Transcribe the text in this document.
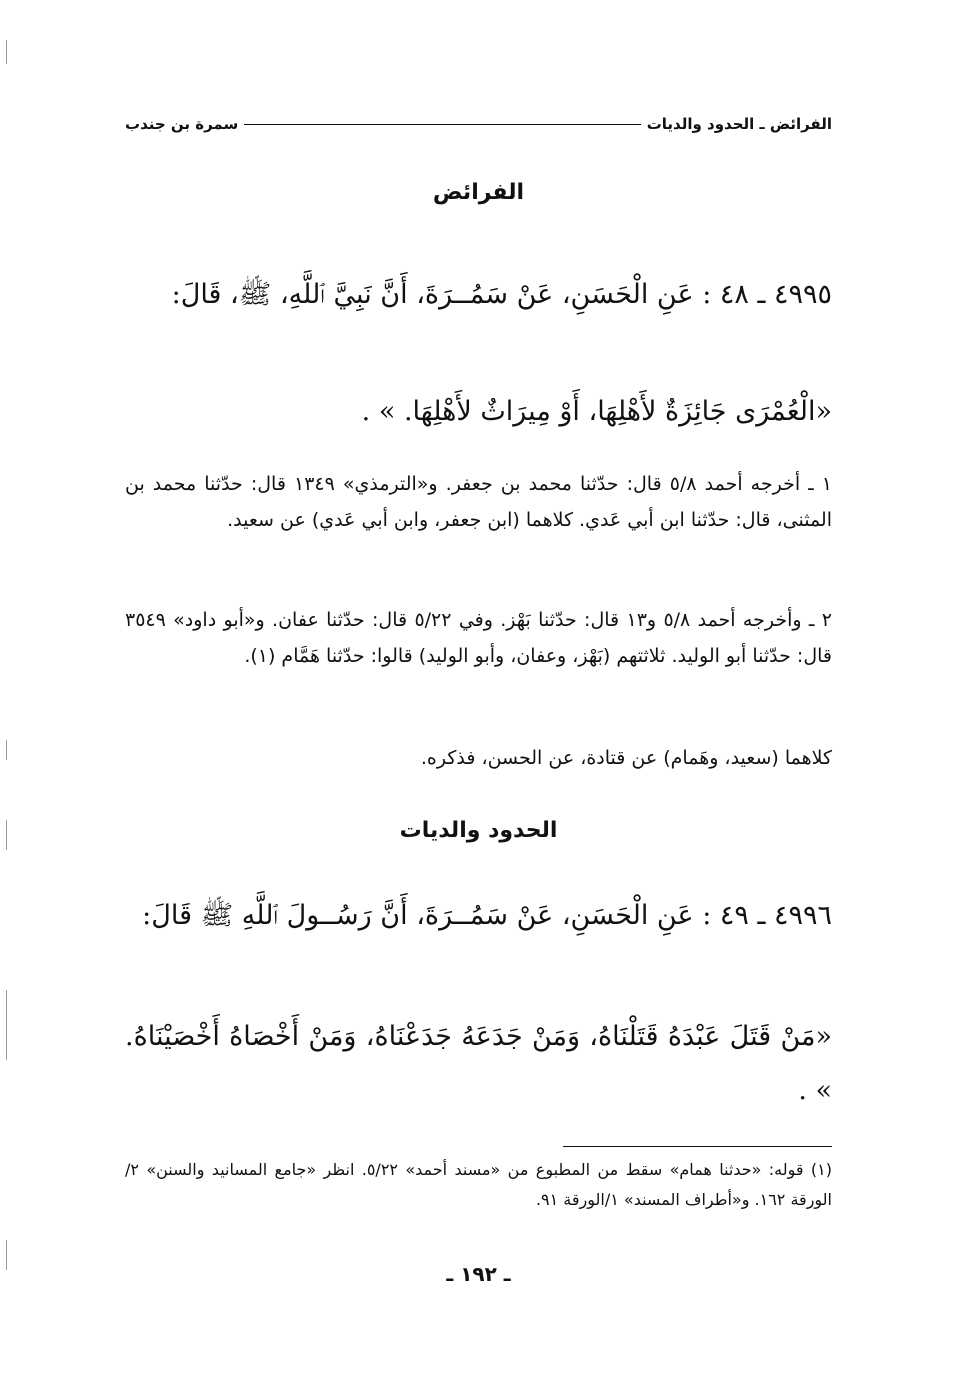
الفرائض ـ الحدود والديات
سمرة بن جندب
الفرائض
٤٩٩٥ ـ ٤٨ : عَنِ الْحَسَنِ، عَنْ سَمُــرَةَ، أَنَّ نَبِيَّ ٱللَّهِ، ﷺ، قَالَ:
«الْعُمْرَى جَائِزَةٌ لأَهْلِهَا، أَوْ مِيرَاثٌ لأَهْلِهَا. » .
١ ـ أخرجه أحمد ٥/٨ قال: حدّثنا محمد بن جعفر. و«الترمذي» ١٣٤٩ قال: حدّثنا محمد بن المثنى، قال: حدّثنا ابن أبي عَدي. كلاهما (ابن جعفر، وابن أبي عَدي) عن سعيد.
٢ ـ وأخرجه أحمد ٥/٨ و١٣ قال: حدّثنا بَهْز. وفي ٥/٢٢ قال: حدّثنا عفان. و«أبو داود» ٣٥٤٩ قال: حدّثنا أبو الوليد. ثلاثتهم (بَهْز، وعفان، وأبو الوليد) قالوا: حدّثنا هَمَّام (١).
كلاهما (سعيد، وهَمام) عن قتادة، عن الحسن، فذكره.
الحدود والديات
٤٩٩٦ ـ ٤٩ : عَنِ الْحَسَنِ، عَنْ سَمُــرَةَ، أَنَّ رَسُــولَ ٱللَّهِ ﷺ قَالَ:
«مَنْ قَتَلَ عَبْدَهُ قَتَلْنَاهُ، وَمَنْ جَدَعَهُ جَدَعْنَاهُ، وَمَنْ أَخْصَاهُ أَخْصَيْنَاهُ. » .
(١) قوله: «حدثنا همام» سقط من المطبوع من «مسند أحمد» ٥/٢٢. انظر «جامع المسانيد والسنن» ٢/الورقة ١٦٢. و«أطراف المسند» ١/الورقة ٩١.
ـ ١٩٢ ـ
